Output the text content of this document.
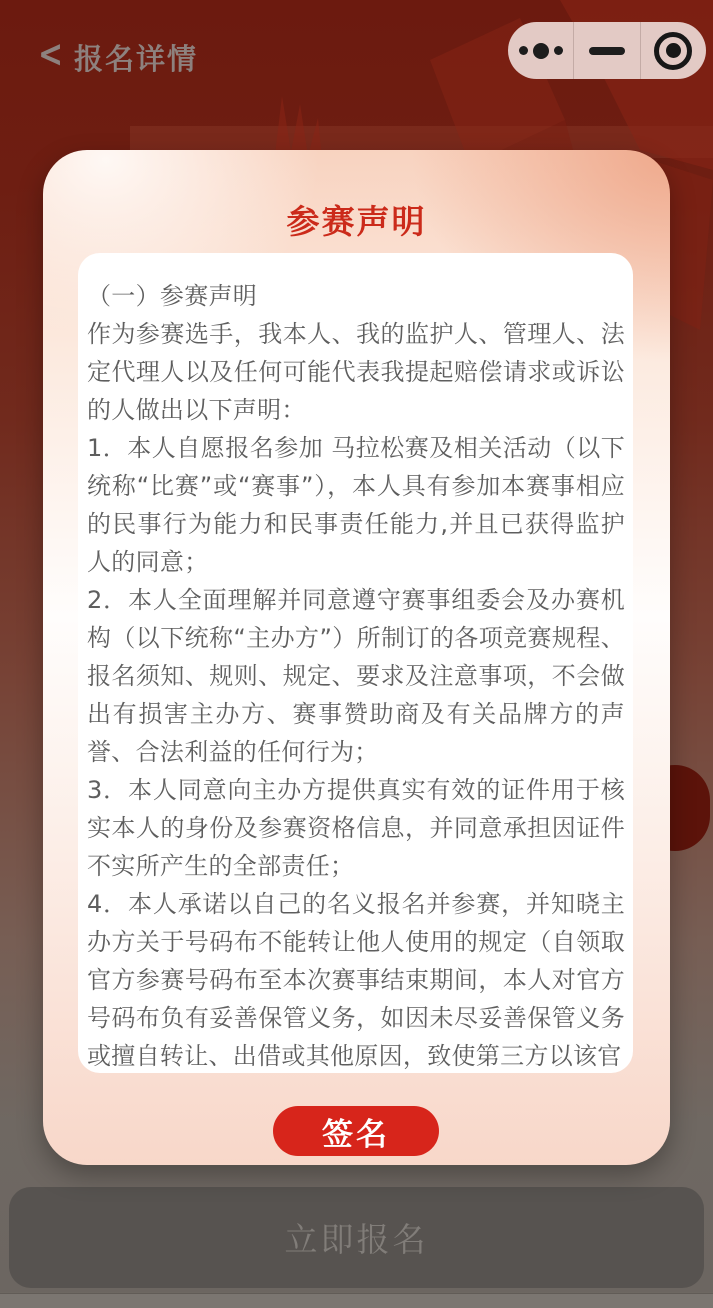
< 报名详情
参赛声明

（一）参赛声明

作为参赛选手，我本人、我的监护人、管理人、法定代理人以及任何可能代表我提起赔偿请求或诉讼的人做出以下声明：

1．本人自愿报名参加 马拉松赛及相关活动（以下统称“比赛”或“赛事”），本人具有参加本赛事相应的民事行为能力和民事责任能力,并且已获得监护人的同意；

2．本人全面理解并同意遵守赛事组委会及办赛机构（以下统称“主办方”）所制订的各项竞赛规程、报名须知、规则、规定、要求及注意事项，不会做出有损害主办方、赛事赞助商及有关品牌方的声誉、合法利益的任何行为；

3．本人同意向主办方提供真实有效的证件用于核实本人的身份及参赛资格信息，并同意承担因证件不实所产生的全部责任；

4．本人承诺以自己的名义报名并参赛，并知晓主办方关于号码布不能转让他人使用的规定（自领取官方参赛号码布至本次赛事结束期间，本人对官方号码布负有妥善保管义务，如因未尽妥善保管义务或擅自转让、出借或其他原因，致使第三方以该官

签名
立即报名
